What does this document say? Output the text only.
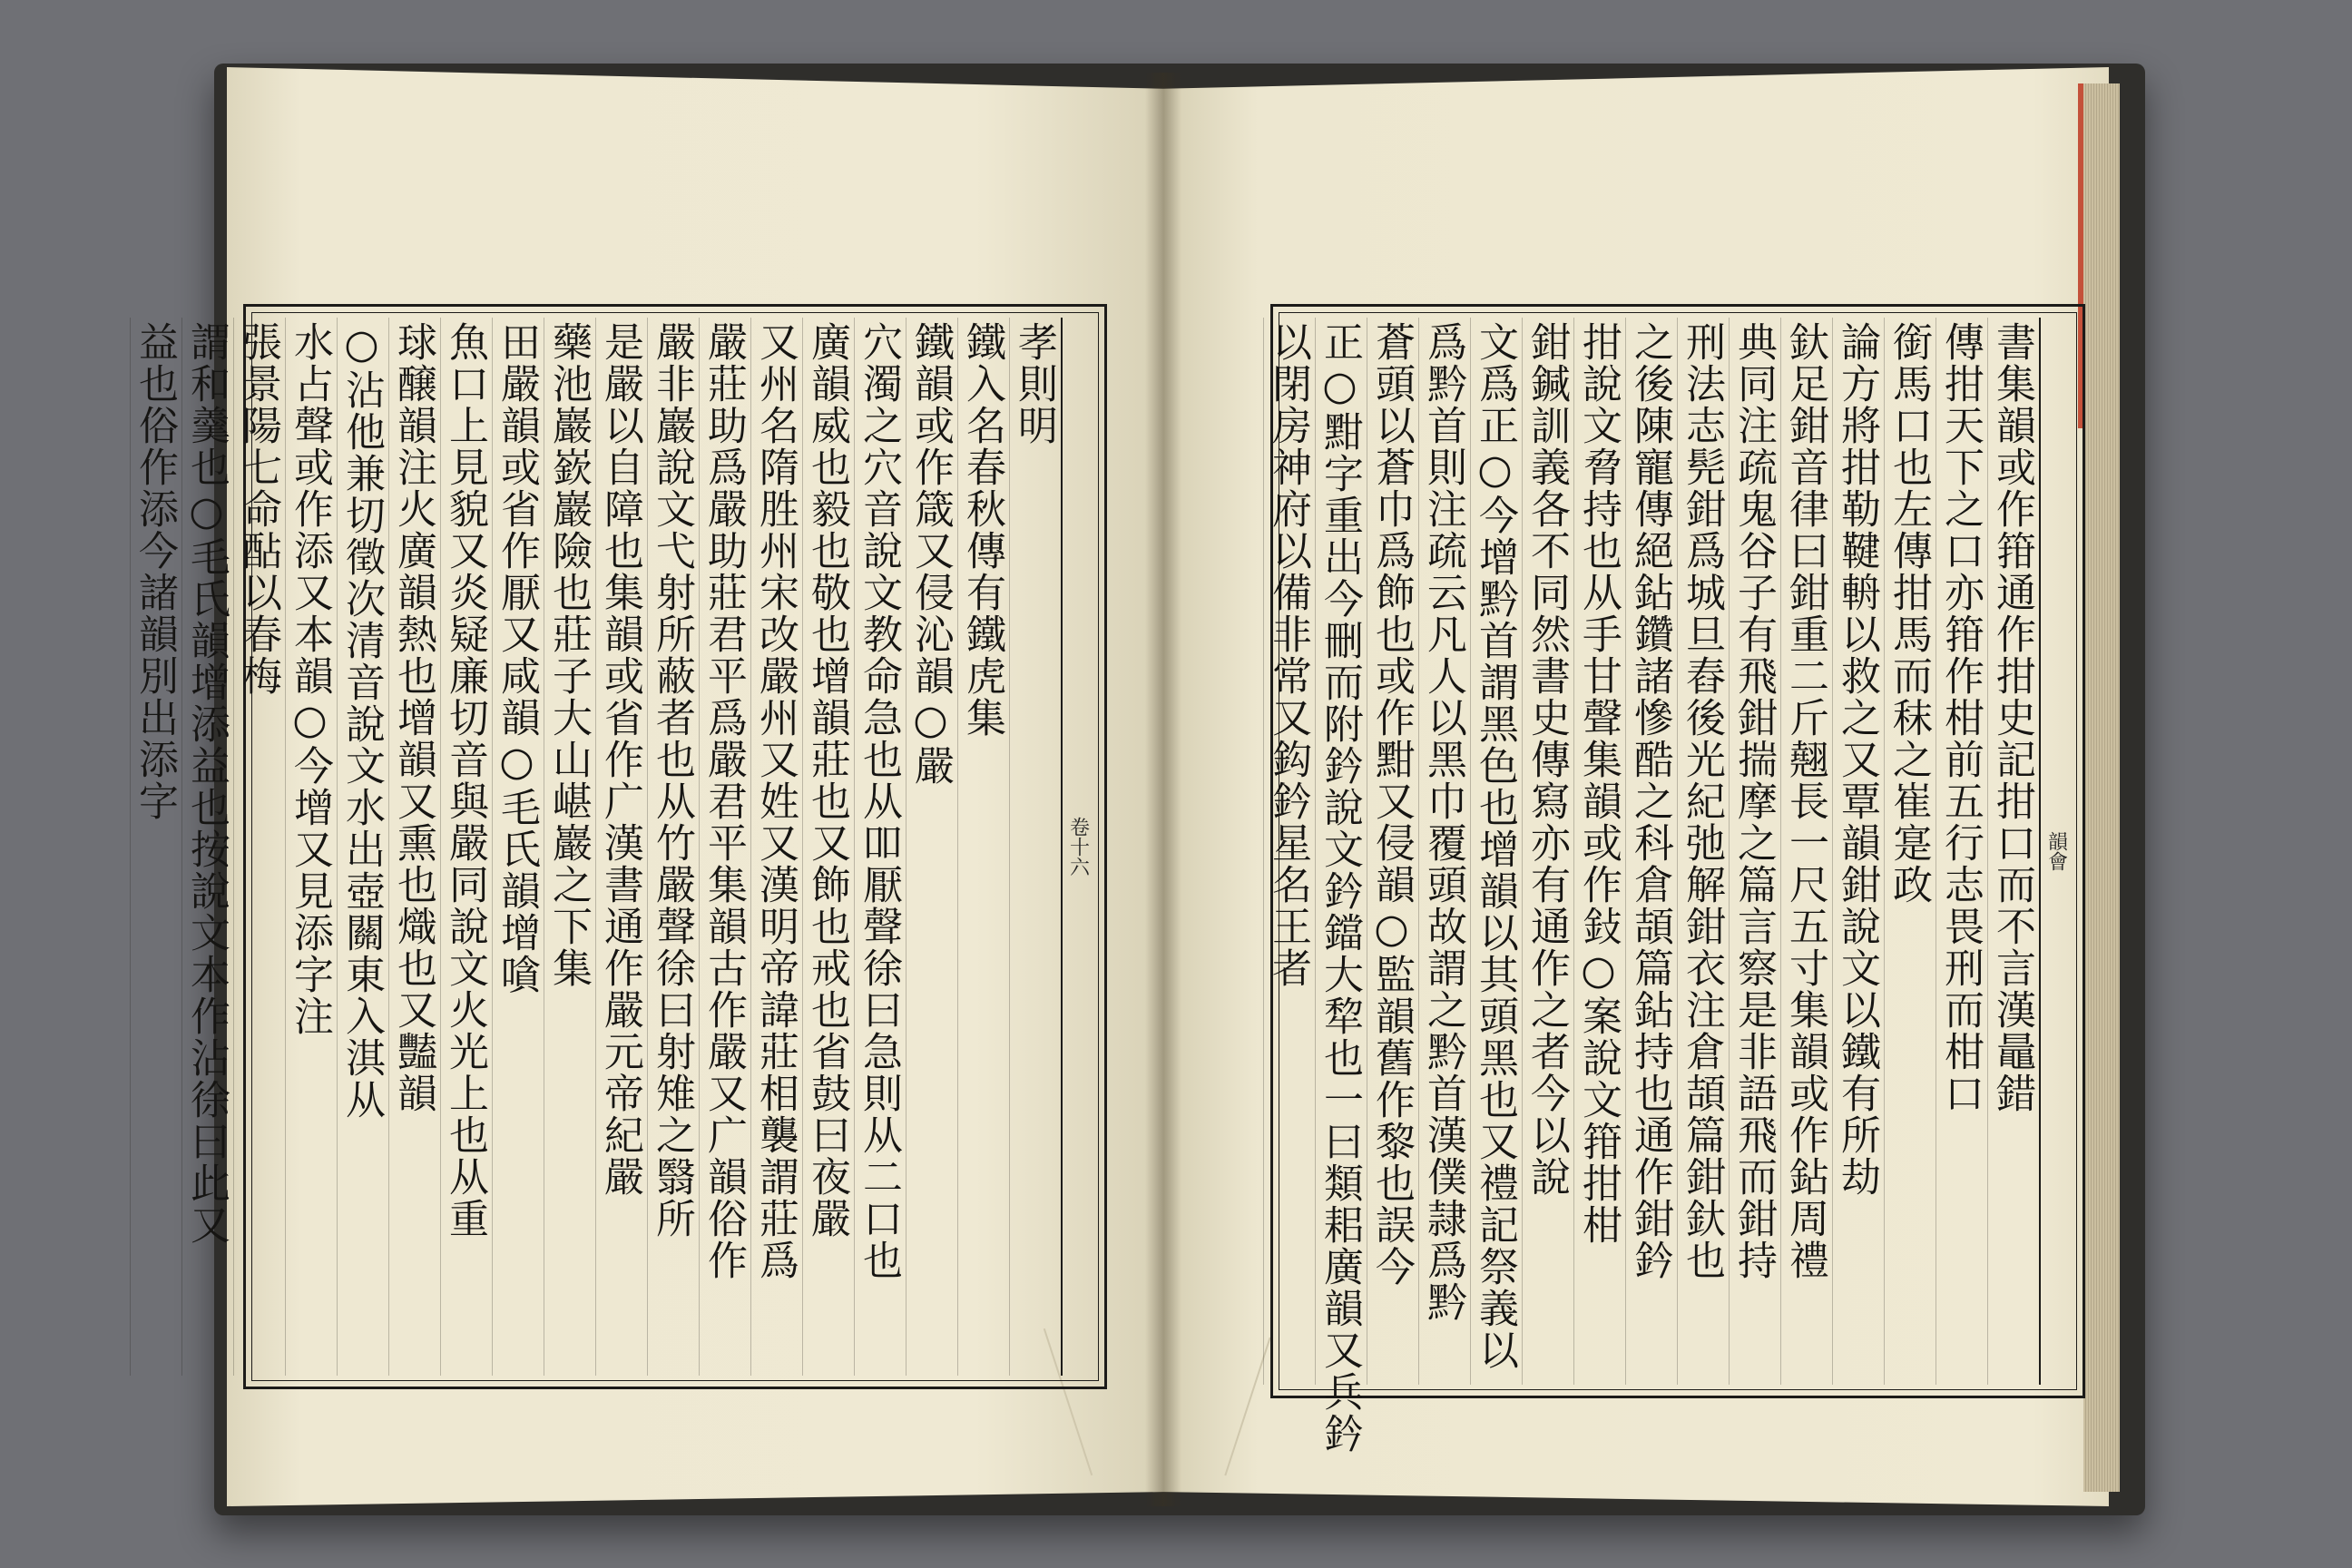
卷十六
孝則明
鐵入名春秋傳有鐵虎集
鐵韻或作箴又侵沁韻○嚴
穴濁之穴音說文教命急也从吅厭聲徐曰急則从二口也
廣韻威也毅也敬也增韻莊也又飾也戒也省鼓曰夜嚴
又州名隋胜州宋改嚴州又姓又漢明帝諱莊相襲謂莊爲
嚴莊助爲嚴助莊君平爲嚴君平集韻古作嚴又广韻俗作
嚴非巖說文弋射所蔽者也从竹嚴聲徐曰射雉之翳所
是嚴以自障也集韻或省作广漢書通作嚴元帝紀嚴
藥池巖嶔巖險也莊子大山嵁巖之下集
田嚴韻或省作厭又咸韻○毛氏韻增嗿
魚口上見貌又炎疑廉切音與嚴同說文火光上也从重
球醸韻注火廣韻熱也增韻又熏也熾也又豔韻
○沾他兼切徵次清音說文水出壺關東入淇从
水占聲或作添又本韻○今增又見添字注
張景陽七命酟以春梅
謂和羹也○毛氏韻增添益也按說文本作沾徐曰此又
益也俗作添今諸韻別出添字
韻會
書集韻或作箝通作拑史記拑口而不言漢鼂錯
傳拑天下之口亦箝作柑前五行志畏刑而柑口
銜馬口也左傳拑馬而秣之崔寔政
論方將拑勒鞬輈以救之又覃韻鉗說文以鐵有所劫
釱足鉗音律曰鉗重二斤翹長一尺五寸集韻或作鉆周禮
典同注疏鬼谷子有飛鉗揣摩之篇言察是非語飛而鉗持
刑法志髡鉗爲城旦舂後光紀弛解鉗衣注倉頡篇鉗釱也
之後陳寵傳絕鉆鑽諸慘酷之科倉頡篇鉆持也通作鉗鈐
拑說文脅持也从手甘聲集韻或作鈙○案說文箝拑柑
鉗鍼訓義各不同然書史傳寫亦有通作之者今以說
文爲正○今增黔首謂黑色也增韻以其頭黑也又禮記祭義以
爲黔首則注疏云凡人以黑巾覆頭故謂之黔首漢僕隷爲黔
蒼頭以蒼巾爲飾也或作黚又侵韻○監韻舊作黎也誤今
正○黚字重出今刪而附鈐說文鈐鐺大犂也一曰類耜廣韻又兵鈐
以閉房神府以備非常又鈎鈐星名王者
